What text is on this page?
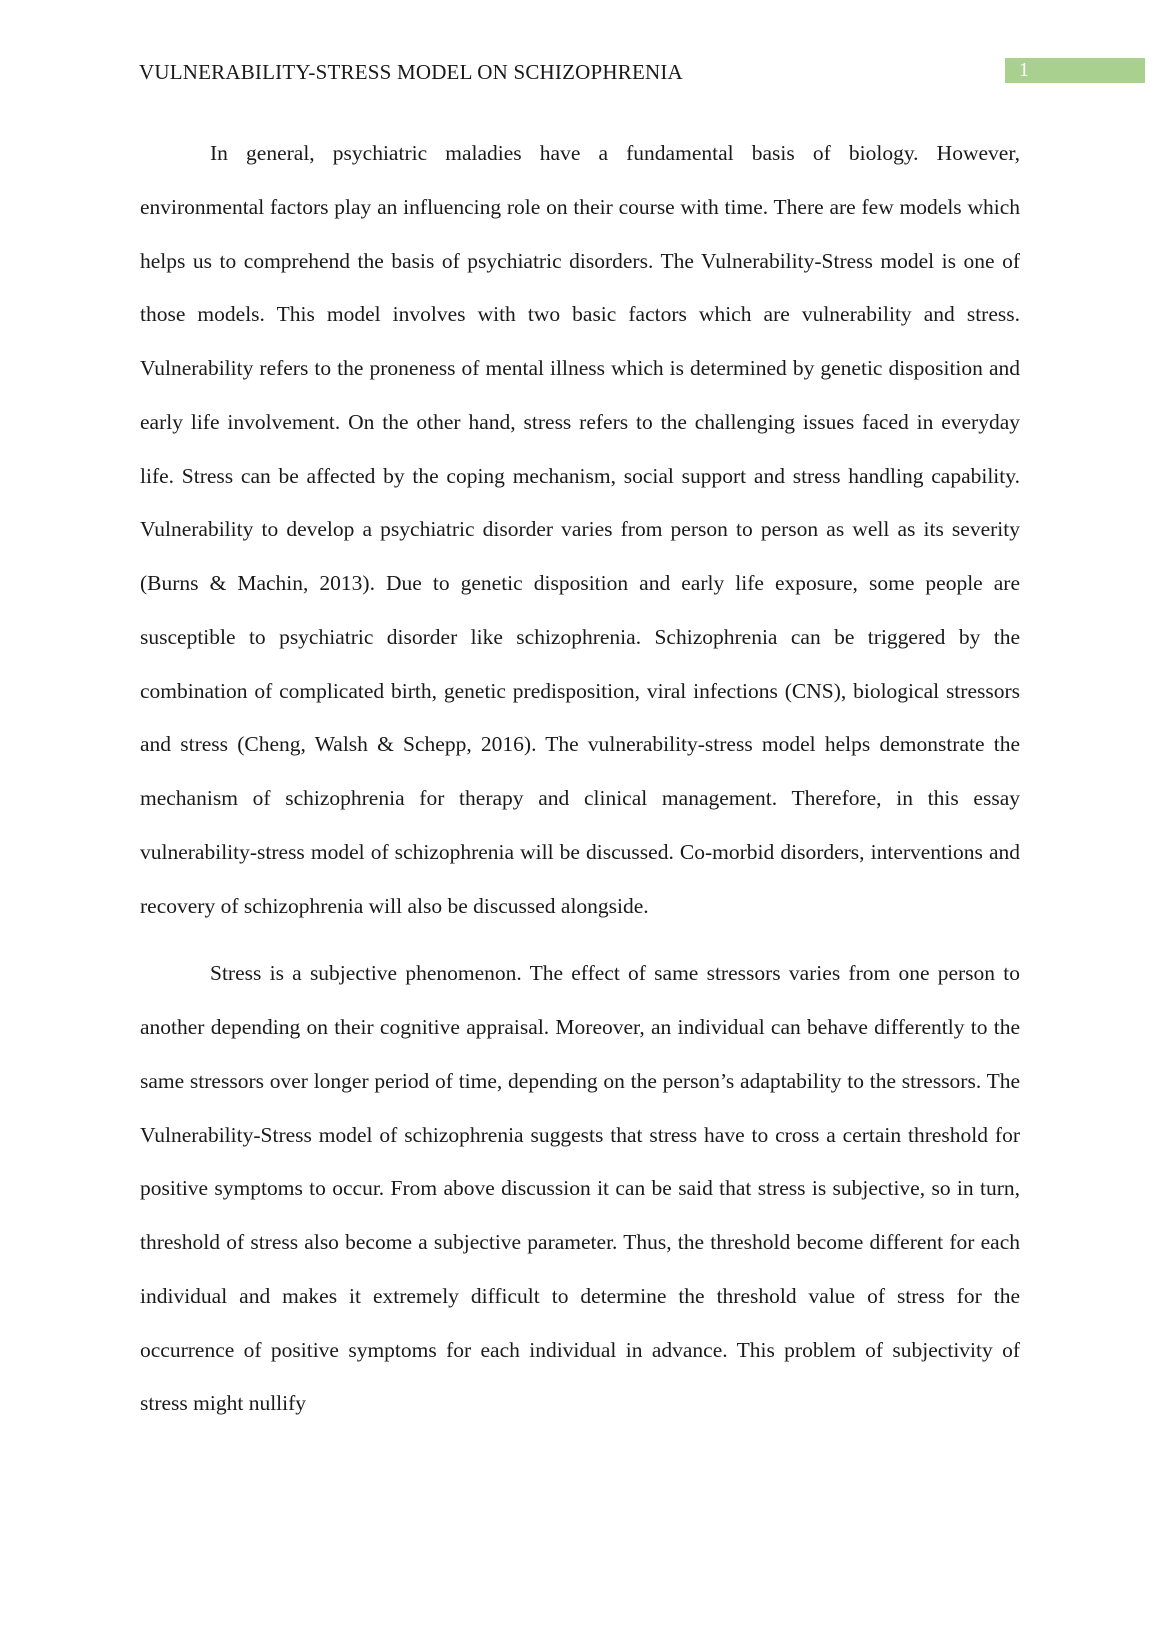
VULNERABILITY-STRESS MODEL ON SCHIZOPHRENIA	1

In general, psychiatric maladies have a fundamental basis of biology. However, environmental factors play an influencing role on their course with time. There are few models which helps us to comprehend the basis of psychiatric disorders. The Vulnerability-Stress model is one of those models. This model involves with two basic factors which are vulnerability and stress. Vulnerability refers to the proneness of mental illness which is determined by genetic disposition and early life involvement. On the other hand, stress refers to the challenging issues faced in everyday life. Stress can be affected by the coping mechanism, social support and stress handling capability. Vulnerability to develop a psychiatric disorder varies from person to person as well as its severity (Burns & Machin, 2013). Due to genetic disposition and early life exposure, some people are susceptible to psychiatric disorder like schizophrenia. Schizophrenia can be triggered by the combination of complicated birth, genetic predisposition, viral infections (CNS), biological stressors and stress (Cheng, Walsh & Schepp, 2016). The vulnerability-stress model helps demonstrate the mechanism of schizophrenia for therapy and clinical management. Therefore, in this essay vulnerability-stress model of schizophrenia will be discussed. Co-morbid disorders, interventions and recovery of schizophrenia will also be discussed alongside.

Stress is a subjective phenomenon. The effect of same stressors varies from one person to another depending on their cognitive appraisal. Moreover, an individual can behave differently to the same stressors over longer period of time, depending on the person’s adaptability to the stressors. The Vulnerability-Stress model of schizophrenia suggests that stress have to cross a certain threshold for positive symptoms to occur. From above discussion it can be said that stress is subjective, so in turn, threshold of stress also become a subjective parameter. Thus, the threshold become different for each individual and makes it extremely difficult to determine the threshold value of stress for the occurrence of positive symptoms for each individual in advance. This problem of subjectivity of stress might nullify
